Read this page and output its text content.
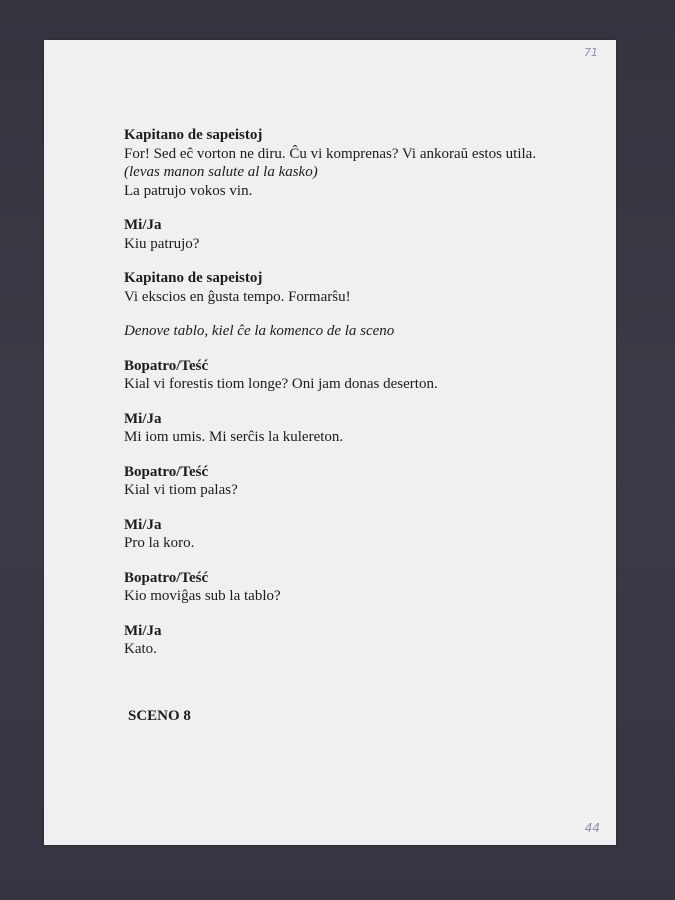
71
44
Kapitano de sapeistoj
For! Sed eĉ vorton ne diru. Ĉu vi komprenas? Vi ankoraŭ estos utila.
(levas manon salute al la kasko)
La patrujo vokos vin.
Mi/Ja
Kiu patrujo?
Kapitano de sapeistoj
Vi ekscios en ĝusta tempo. Formarŝu!
Denove tablo, kiel ĉe la komenco de la sceno
Bopatro/Teść
Kial vi forestis tiom longe? Oni jam donas deserton.
Mi/Ja
Mi iom umis. Mi serĉis la kulereton.
Bopatro/Teść
Kial vi tiom palas?
Mi/Ja
Pro la koro.
Bopatro/Teść
Kio moviĝas sub la tablo?
Mi/Ja
Kato.
SCENO 8
